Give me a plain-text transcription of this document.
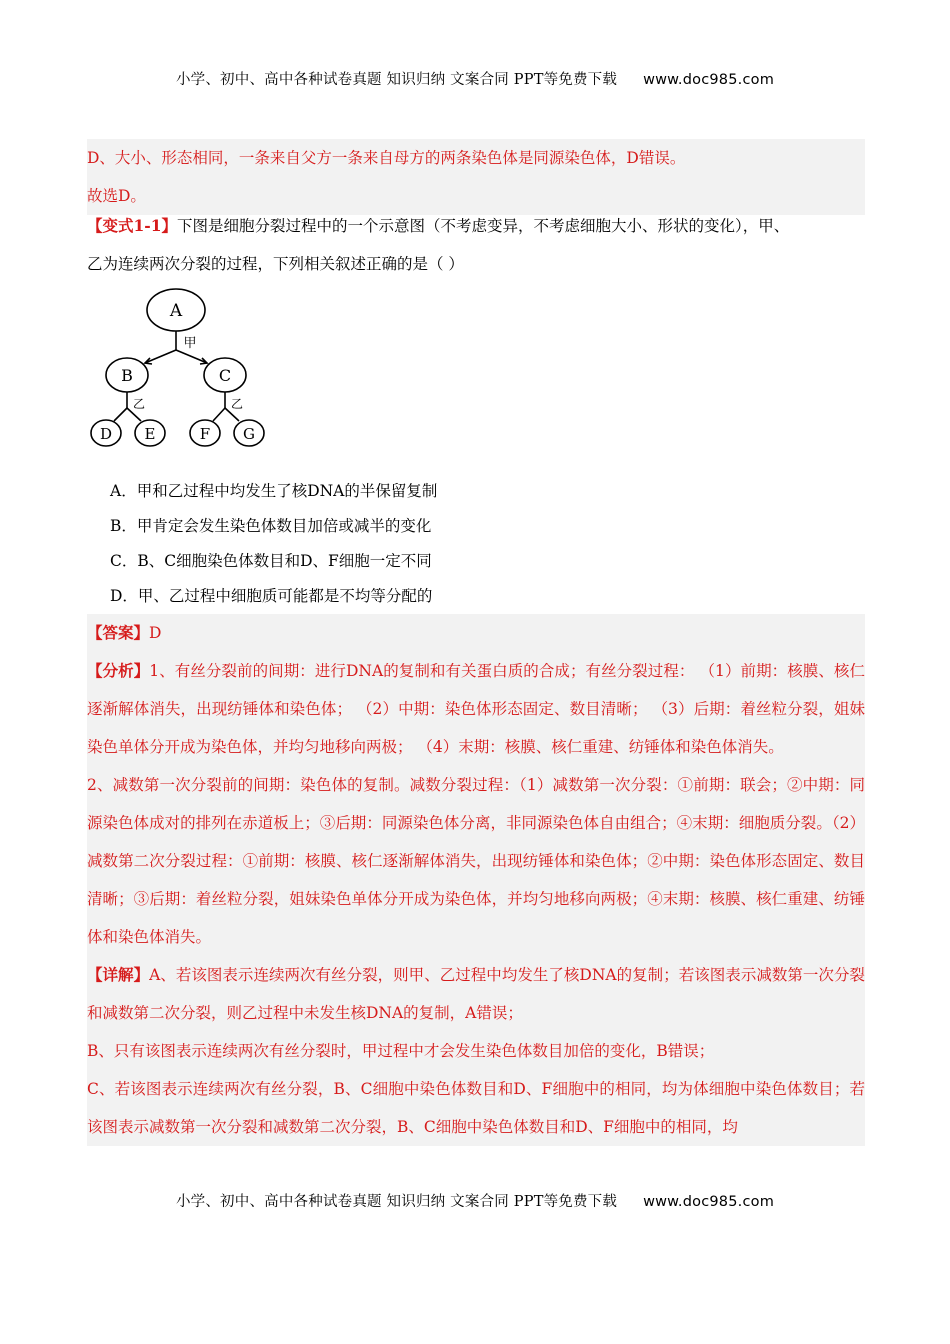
小学、初中、高中各种试卷真题 知识归纳 文案合同 PPT等免费下载 www.doc985.com

D、大小、形态相同，一条来自父方一条来自母方的两条染色体是同源染色体，D错误。

故选D。

【变式1-1】下图是细胞分裂过程中的一个示意图（不考虑变异，不考虑细胞大小、形状的变化），甲、

乙为连续两次分裂的过程，下列相关叙述正确的是（ ）

A
B	C
D E	F G
甲
乙	乙
A．甲和乙过程中均发生了核DNA的半保留复制
B．甲肯定会发生染色体数目加倍或减半的变化
C．B、C细胞染色体数目和D、F细胞一定不同
D．甲、乙过程中细胞质可能都是不均等分配的

【答案】D

【分析】1、有丝分裂前的间期：进行DNA的复制和有关蛋白质的合成；有丝分裂过程： （1）前期：核膜、核仁逐渐解体消失，出现纺锤体和染色体； （2）中期：染色体形态固定、数目清晰； （3）后期：着丝粒分裂，姐妹染色单体分开成为染色体，并均匀地移向两极； （4）末期：核膜、核仁重建、纺锤体和染色体消失。

2、减数第一次分裂前的间期：染色体的复制。减数分裂过程：（1）减数第一次分裂：①前期：联会；②中期：同源染色体成对的排列在赤道板上；③后期：同源染色体分离，非同源染色体自由组合；④末期：细胞质分裂。（2）减数第二次分裂过程：①前期：核膜、核仁逐渐解体消失，出现纺锤体和染色体；②中期：染色体形态固定、数目清晰；③后期：着丝粒分裂，姐妹染色单体分开成为染色体，并均匀地移向两极；④末期：核膜、核仁重建、纺锤体和染色体消失。

【详解】A、若该图表示连续两次有丝分裂，则甲、乙过程中均发生了核DNA的复制；若该图表示减数第一次分裂和减数第二次分裂，则乙过程中未发生核DNA的复制，A错误；

B、只有该图表示连续两次有丝分裂时，甲过程中才会发生染色体数目加倍的变化，B错误；

C、若该图表示连续两次有丝分裂，B、C细胞中染色体数目和D、F细胞中的相同，均为体细胞中染色体数目；若该图表示减数第一次分裂和减数第二次分裂，B、C细胞中染色体数目和D、F细胞中的相同，均

小学、初中、高中各种试卷真题 知识归纳 文案合同 PPT等免费下载 www.doc985.com
